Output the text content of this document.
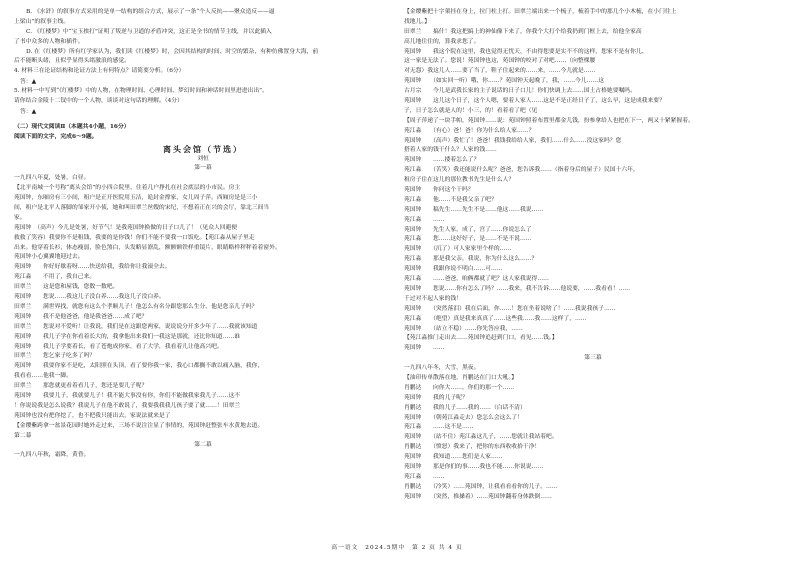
B. 《水浒》的叙事方式采用的是单一结构的组合方式，展示了一条“个人反抗——聚众造反——逼
上梁山”的叙事主线。
C. 《红楼梦》中“宝玉挨打”证明了叛逆与卫道的矛盾冲突，这正是全书的情节主线，并以此插入
了书中众多的人物和插件。
D. 在《红楼梦》所有红学家认为，我们读《红楼梦》时，会因其结构的时间、时空的繁杂，有种仿佛置身大海，前
后不能断头绪，且似乎显得头绪激浪的感觉。
4. 材料三在论证结构和论证方法上有何特点？请简要分析。（6分）
答：▲
5. 材料一中写到“《红楼梦》中的人物，在物理时间、心理时间、梦幻时间和神话时间里进进出出”，
请你结合金陵十二钗中的一个人物，谈谈对这句话的理解。（4分）
答：▲
（二）现代文阅读Ⅱ（本题共4小题，16分）
阅读下面的文字，完成6～9题。
离头会馆（节选）
刘恒
第一幕
一九四八年夏，处暑，白昼。
【北平南城一个号称“离头会馆”的小四合院里，住着几户挣扎在社会底层的小市民。房主
苑国钟，东厢房有三小间，租户是正开医院用玉洁，诡封金撑家，女儿周子萍。西厢房是是三小
间，租户是北平人落脚的邹家开小侦，她和叫田翠兰丝嫂的宋纪，不想着正在兴的会厅，靠北三间当
家。
苑国钟　（高声）今儿是处暑，好节气！是我苑国钟换做的日子口儿了！（见众人回避便
救救了笑容）我要你不是租钱，我要的是你钱！你们不能不要我一口饭吃。【苑江淼从屋子里走
出来。他穿着长衫，体态瘦弱，脸色煞白，头发略显潦乱，额额额铁样重镜片，眼睛略样秤秤着着窗外。
苑国钟小心翼翼地迎过去。
苑国钟　　你好好歇着呀……快送给我，我给你让我滚全去。
苑江淼　　不用了，我自己来。
田翠兰　　这是您和屋钱，您数一数吧。
苑国钟　　您说……我这儿子没白养……我这儿子没白养。
田翠兰　　满世界找，就您有这么个孝顺儿子！他怎么有名分跟您那么生分，他是您亲儿子吗？
苑国钟　　我不是他爸爸，他是我爸爸……成了吧？
田翠兰　　您说对不爱听！让我说，我们是在这跟您两家，说说说分开多少年了……我就该知道
苑国钟　　我儿子学在你看着长大的，我拿他出来我们一我这是那就，还比你知道……谁
苑国钟　　我儿子学要着长，看了苍炮成你家，看了大学，我看着儿让他高兴吧。
田翠兰　　您乞家子吃多了吗？
苑国钟　　我要你家不是吃，太阳照在头顶，看了要你我一家，我心口都搁不敢以痛入脑，我你，
我看看……他我一脚。
田翠兰　　那您就更看着看儿子，您还是要儿子呢？
苑国钟　　我要儿子，我就要儿子！我不能大事没有你，你们不能做我家我儿子……这不
！你说说我是怎么说我？我说儿子在他不敢说了，我要我我我儿孩子要了就……！田翠兰
苑国钟也没有把你挖了，也不把我只能出去，家说法就来是了
【金缨紫跨拿一盆景花园时她外走过来，三场不说注注显了事情的，苑国钟赶整张车水黄地去道。
第二幕
第二幕
一九四八年秋，霜降，黄昏。
【金缨紫把十字架挂在身上，拉门柱上打。田翠兰端出来一个梳子，梳着手中的那几个小木梳，在小门往上
找地儿。】
田翠兰　　搞什！我这把搞上的神仙像下来了，你我个大打个给我扔到门框上去，给他全家高
高儿地住住的，算我求您了。
苑国钟　　我这个院在这里，我也觉得无忧天，不由得您要是实不不的这样，您家不是有你儿、
这一家是无法了。您说！苑国钟也这，苑国钟的咬对了对吧……（向整棵腰
对无怨）我这儿人……要了当了，鞋子住起来的……来，……今儿就是……
苑国钟　　（如实回一听）哦，你……？苑国钟天起晚了，我，……今儿……这
古月宗　　今儿是武我长家的主子说话的日子口儿！你们快调上去……国土占格她要嘱吗。
苑国钟　　这儿这个日子，这个人嗯，要着人家人……这是不是正经日子了，这么早，这是成我来要？
子，日子怎么就是人的！小三，的！看着看了吧（见
【周子萍递了一块手帕，苑国钟……说：苑国钟照着布置里都金儿钱，扮参拿给人也把在下一，两又十紧紧握着。
苑江淼　　（有心）爸！爸！你为什么给人家……？
苑国钟　　（高声）我忙了！爸爸！我钱我给给人家，我们……什么……没这家吗？您
搭着人家的钱干什么？人家的钱……
苑国钟　　……搂着怎么了？
苑江淼　　（苦笑）我还能说什么呢？爸爸，您告诉我……（指着身后的屋子）民国十六年，
租房子住在这儿的那位教书先生是什么人？
苑国钟　　你问这个干吗？
苑江淼　　他……不是我父亲了吧？
苑国钟　　稿先生……先生不是……他这……我说……
苑江淼　　……
苑国钟　　先生人家，成了，宫了……你说怎么了
苑江淼　　您……这好好子，是……不是不说……
苑国钟　　（沉了）可人家家里个样的……
苑江淼　　那是我父亲，我说，你为什么这么……？
苑国钟　　我跟你说不明白……可……
苑江淼　　……爸爸，咱俩都就了吧？这人家我说得……
苑国钟　　您说……你有怎么了吗？……我来，我不告诉……他说要，……我看看！……
千过对不起人家的钱！
苑国钟　　（突然落泪）我在后面，你……！您在坐着说啥了！……我说我孩子……
苑江淼　　（绝望）真是我来真真了……这些我……我……这样了，……
苑国钟　　（站立不稳）……你先答应我，……
【苑江淼推门走出去……苑国钟追赶到门口，看见……钱。】
苑国钟　　……
第三幕
一九四八年冬，大雪，黑夜。
【油印传单散落在地，肖鹏达在门口大吼。】
肖鹏达　　向你大……，你们的那一个……
苑国钟　　我的儿子呢？
肖鹏达　　我的儿子……我的……（白话不清）
苑国钟　　（朝苑江淼走去）您怎么会这么了！
苑江淼　　……这不是……
苑国钟　　（站不住）苑江淼这儿子，……您就让我站着吧。
肖鹏达　　（愤怒）我来了，把你的东西收收拾干净！
苑国钟　　我知道……您们是人家……
苑国钟　　那是你们的事……我也不能……你说说……
苑江淼　　……
肖鹏达　　（冷笑）……苑国钟，让我看看看你的儿子。……
苑国钟　　（突然，推搡着）……苑国钟翻着身体跌倒……
高一语文　2024.5期中　第 2 页 共 4 页
